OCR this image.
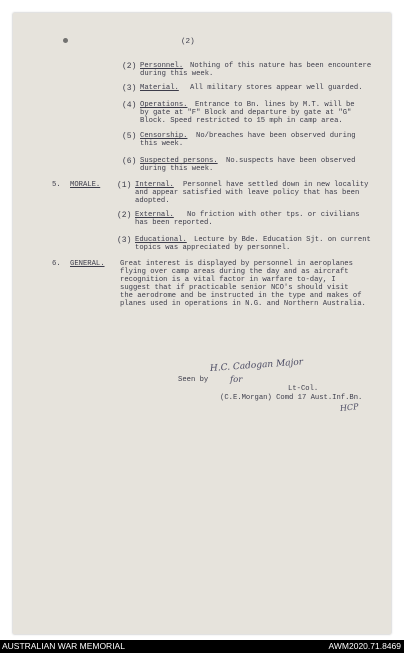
(2)
(2) Personnel. Nothing of this nature has been encountere
during this week.
(3) Material. All military stores appear well guarded.
(4) Operations. Entrance to Bn. lines by M.T. will be
by gate at "F" Block and departure by gate at "G"
Block. Speed restricted to 15 mph in camp area.
(5) Censorship. No/breaches have been observed during
this week.
(6) Suspected persons. No.suspects have been observed
during this week.
5. MORALE. (1) Internal. Personnel have settled down in new locality
and appear satisfied with leave policy that has been
adopted.
(2) External. No friction with other tps. or civilians
has been reported.
(3) Educational. Lecture by Bde. Education Sjt. on current
topics was appreciated by personnel.
6. GENERAL. Great interest is displayed by personnel in aeroplanes
flying over camp areas during the day and as aircraft
recognition is a vital factor in warfare to-day, I
suggest that if practicable senior NCO's should visit
the aerodrome and be instructed in the type and makes of
planes used in operations in N.G. and Northern Australia.
H.C. Cadogan Major
Seen by	for
Lt-Col.
(C.E.Morgan) Comd 17 Aust.Inf.Bn.
HCP
AUSTRALIAN WAR MEMORIAL	AWM2020.71.8469
